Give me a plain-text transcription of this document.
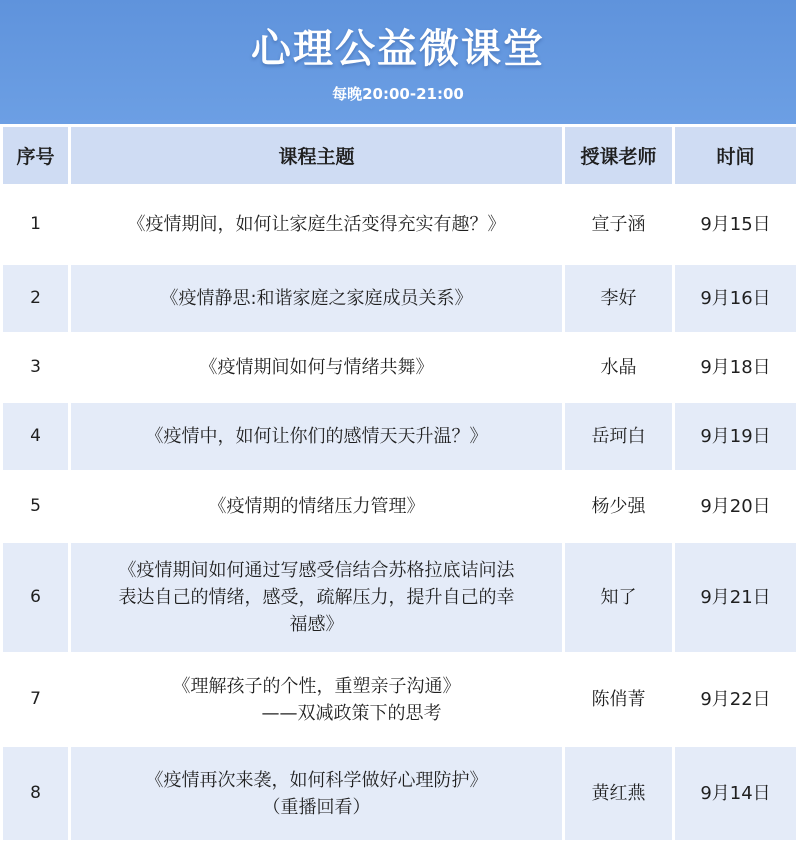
心理公益微课堂
每晚20:00-21:00
序号	课程主题	授课老师	时间
1	《疫情期间，如何让家庭生活变得充实有趣？》	宣子涵	9月15日
2	《疫情静思:和谐家庭之家庭成员关系》	李好	9月16日
3	《疫情期间如何与情绪共舞》	水晶	9月18日
4	《疫情中，如何让你们的感情天天升温？》	岳珂白	9月19日
5	《疫情期的情绪压力管理》	杨少强	9月20日
6	《疫情期间如何通过写感受信结合苏格拉底诘问法
表达自己的情绪，感受，疏解压力，提升自己的幸
福感》	知了	9月21日
7	《理解孩子的个性，重塑亲子沟通》
——双减政策下的思考	陈俏菁	9月22日
8	《疫情再次来袭，如何科学做好心理防护》
（重播回看）	黄红燕	9月14日
